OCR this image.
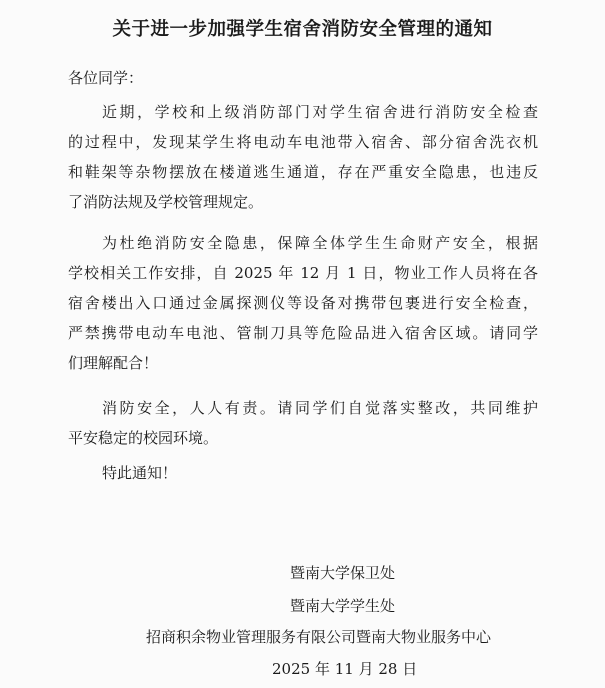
关于进一步加强学生宿舍消防安全管理的通知
各位同学：
近期，学校和上级消防部门对学生宿舍进行消防安全检查
的过程中，发现某学生将电动车电池带入宿舍、部分宿舍洗衣机
和鞋架等杂物摆放在楼道逃生通道，存在严重安全隐患，也违反
了消防法规及学校管理规定。
为杜绝消防安全隐患，保障全体学生生命财产安全，根据
学校相关工作安排，自 2025 年 12 月 1 日，物业工作人员将在各
宿舍楼出入口通过金属探测仪等设备对携带包裹进行安全检查，
严禁携带电动车电池、管制刀具等危险品进入宿舍区域。请同学
们理解配合！
消防安全，人人有责。请同学们自觉落实整改，共同维护
平安稳定的校园环境。
特此通知！
暨南大学保卫处
暨南大学学生处
招商积余物业管理服务有限公司暨南大物业服务中心
2025 年 11 月 28 日
